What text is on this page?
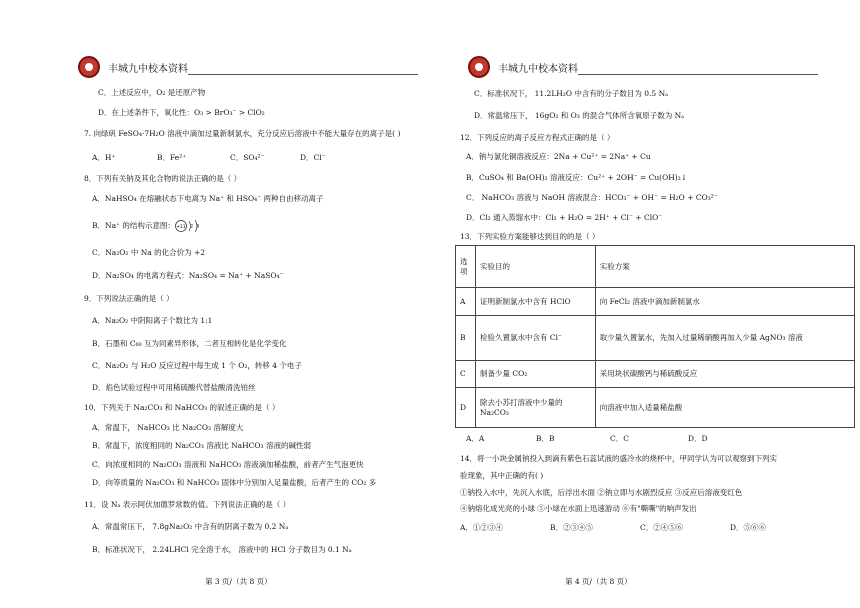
丰城九中校本资料
C．上述反应中，O₂ 是还原产物
D．在上述条件下，氧化性：O₃ > BrO₃⁻ > ClO₂
7. 向绿矾 FeSO₄·7H₂O 溶液中滴加过量新制氯水，充分反应后溶液中不能大量存在的离子是( )
A．H⁺	B．Fe²⁺	C．SO₄²⁻	D．Cl⁻
8．下列有关钠及其化合物的说法正确的是（ ）
A．NaHSO₄ 在熔融状态下电离为 Na⁺ 和 HSO₄⁻ 两种自由移动离子
B．Na⁺ 的结构示意图： +11 2 8
C．Na₂O₂ 中 Na 的化合价为 +2
D．Na₂SO₄ 的电离方程式：Na₂SO₄ = Na⁺ + NaSO₄⁻
9．下列说法正确的是（ ）
A．Na₂O₂ 中阴阳离子个数比为 1:1
B．石墨和 C₆₀ 互为同素异形体，二者互相转化是化学变化
C．Na₂O₂ 与 H₂O 反应过程中每生成 1 个 O₂，转移 4 个电子
D．焰色试验过程中可用稀硫酸代替盐酸清洗铂丝
10．下列关于 Na₂CO₃ 和 NaHCO₃ 的叙述正确的是（ ）
A．常温下， NaHCO₃ 比 Na₂CO₃ 溶解度大
B．常温下，浓度相同的 Na₂CO₃ 溶液比 NaHCO₃ 溶液的碱性弱
C．向浓度相同的 Na₂CO₃ 溶液和 NaHCO₃ 溶液滴加稀盐酸，前者产生气泡更快
D．向等质量的 Na₂CO₃ 和 NaHCO₃ 固体中分别加入足量盐酸，后者产生的 CO₂ 多
11．设 Nₐ 表示阿伏加德罗常数的值。下列说法正确的是（ ）
A．常温常压下， 7.8gNa₂O₂ 中含有的阴离子数为 0.2 Nₐ
B．标准状况下， 2.24LHCl 完全溶于水， 溶液中的 HCl 分子数目为 0.1 Nₐ
第 3 页/（共 8 页）
丰城九中校本资料
C．标准状况下， 11.2LH₂O 中含有的分子数目为 0.5 Nₐ
D．常温常压下， 16gO₂ 和 O₃ 的混合气体所含氧原子数为 Nₐ
12．下列反应的离子反应方程式正确的是（ ）
A．钠与氯化铜溶液反应：2Na + Cu²⁺ = 2Na⁺ + Cu
B．CuSO₄ 和 Ba(OH)₂ 溶液反应：Cu²⁺ + 2OH⁻ = Cu(OH)₂↓
C． NaHCO₃ 溶液与 NaOH 溶液混合：HCO₃⁻ + OH⁻ = H₂O + CO₃²⁻
D．Cl₂ 通入蒸馏水中：Cl₂ + H₂O = 2H⁺ + Cl⁻ + ClO⁻
13．下列实验方案能够达到目的的是（ ）
选项	实验目的	实验方案
A	证明新制氯水中含有 HClO	向 FeCl₂ 溶液中滴加新制氯水
B	检验久置氯水中含有 Cl⁻	取少量久置氯水，先加入过量稀硝酸再加入少量 AgNO₃ 溶液
C	制备少量 CO₂	采用块状碳酸钙与稀硫酸反应
D	除去小苏打溶液中少量的 Na₂CO₃	向溶液中加入适量稀盐酸
A．A	B．B	C．C	D．D
14．将一小块金属钠投入到滴有紫色石蕊试液的盛冷水的烧杯中，甲同学认为可以观察到下列实
验现象，其中正确的有( )
①钠投入水中，先沉入水底，后浮出水面 ②钠立即与水剧烈反应 ③反应后溶液变红色
④钠熔化成光亮的小球 ⑤小球在水面上迅速游动 ⑥有"嘶嘶"的响声发出
A．①②③④	B．②③④⑤	C．②④⑤⑥	D．⑤⑥⑥
第 4 页/（共 8 页）
